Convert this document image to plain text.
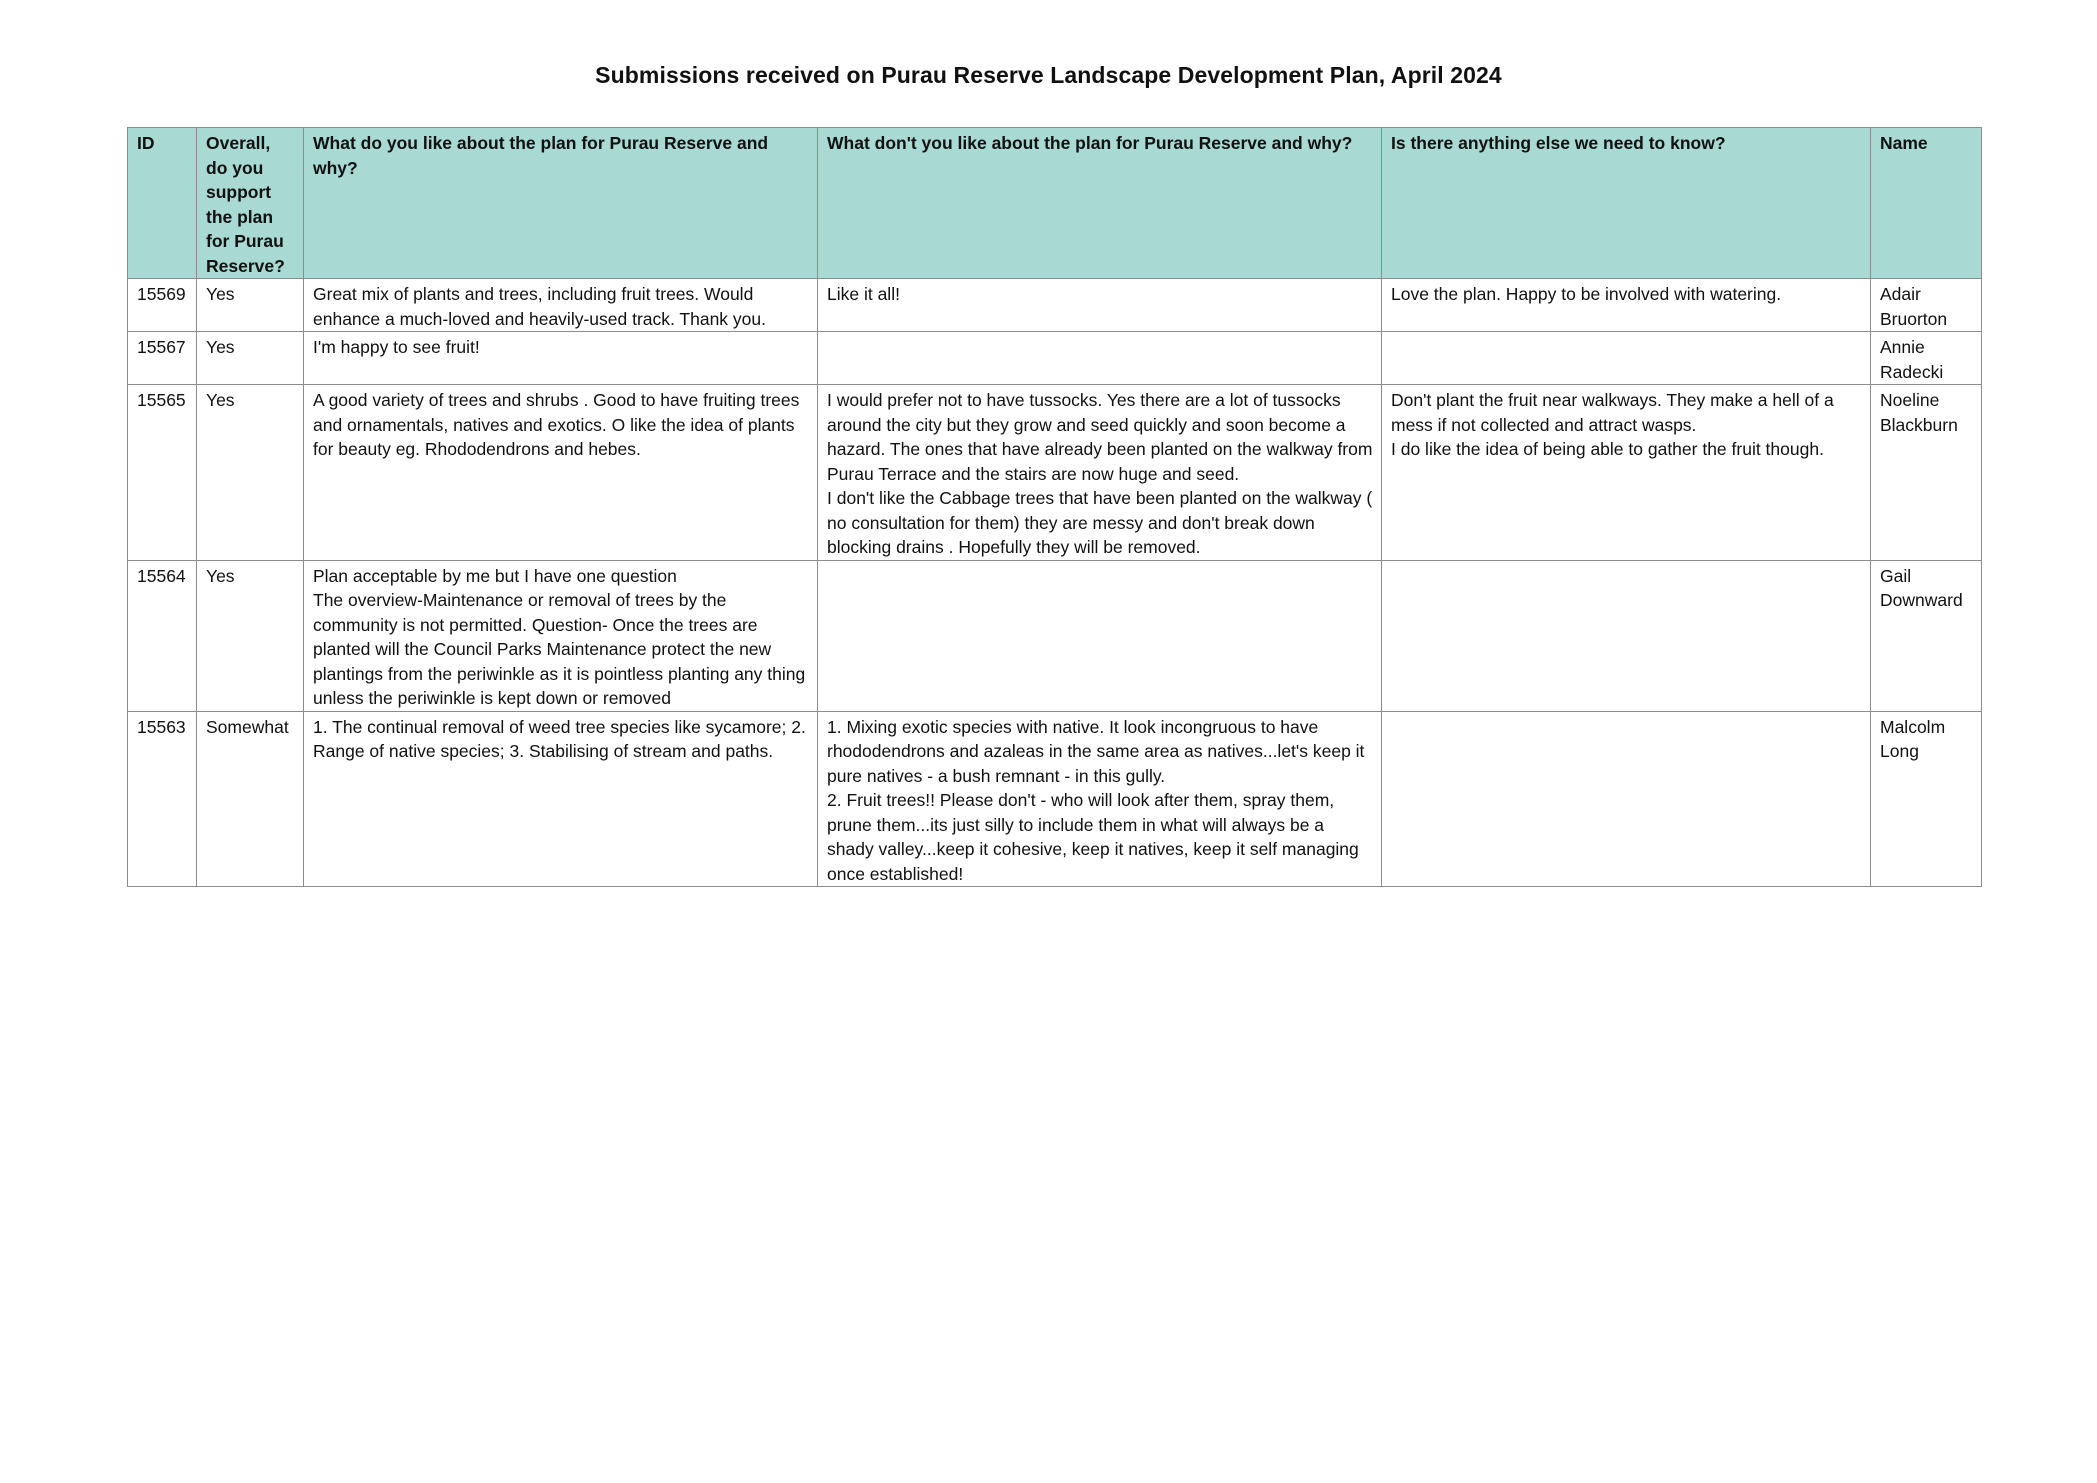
Submissions received on Purau Reserve Landscape Development Plan, April 2024
ID	Overall, do you support the plan for Purau Reserve?	What do you like about the plan for Purau Reserve and why?	What don't you like about the plan for Purau Reserve and why?	Is there anything else we need to know?	Name
15569	Yes	Great mix of plants and trees, including fruit trees. Would enhance a much-loved and heavily-used track. Thank you.	Like it all!	Love the plan. Happy to be involved with watering.	Adair Bruorton
15567	Yes	I'm happy to see fruit!			Annie Radecki
15565	Yes	A good variety of trees and shrubs . Good to have fruiting trees and ornamentals, natives and exotics. O like the idea of plants for beauty eg. Rhododendrons and hebes.	I would prefer not to have tussocks. Yes there are a lot of tussocks around the city but they grow and seed quickly and soon become a hazard. The ones that have already been planted on the walkway from Purau Terrace and the stairs are now huge and seed.
I don't like the Cabbage trees that have been planted on the walkway ( no consultation for them) they are messy and don't break down blocking drains . Hopefully they will be removed.	Don't plant the fruit near walkways. They make a hell of a mess if not collected and attract wasps.
I do like the idea of being able to gather the fruit though.	Noeline Blackburn
15564	Yes	Plan acceptable by me but I have one question
The overview-Maintenance or removal of trees by the community is not permitted. Question- Once the trees are planted will the Council Parks Maintenance protect the new plantings from the periwinkle as it is pointless planting any thing unless the periwinkle is kept down or removed			Gail Downward
15563	Somewhat	1. The continual removal of weed tree species like sycamore; 2. Range of native species; 3. Stabilising of stream and paths.	1. Mixing exotic species with native. It look incongruous to have rhododendrons and azaleas in the same area as natives...let's keep it pure natives - a bush remnant - in this gully.
2. Fruit trees!! Please don't - who will look after them, spray them, prune them...its just silly to include them in what will always be a shady valley...keep it cohesive, keep it natives, keep it self managing once established!		Malcolm Long
